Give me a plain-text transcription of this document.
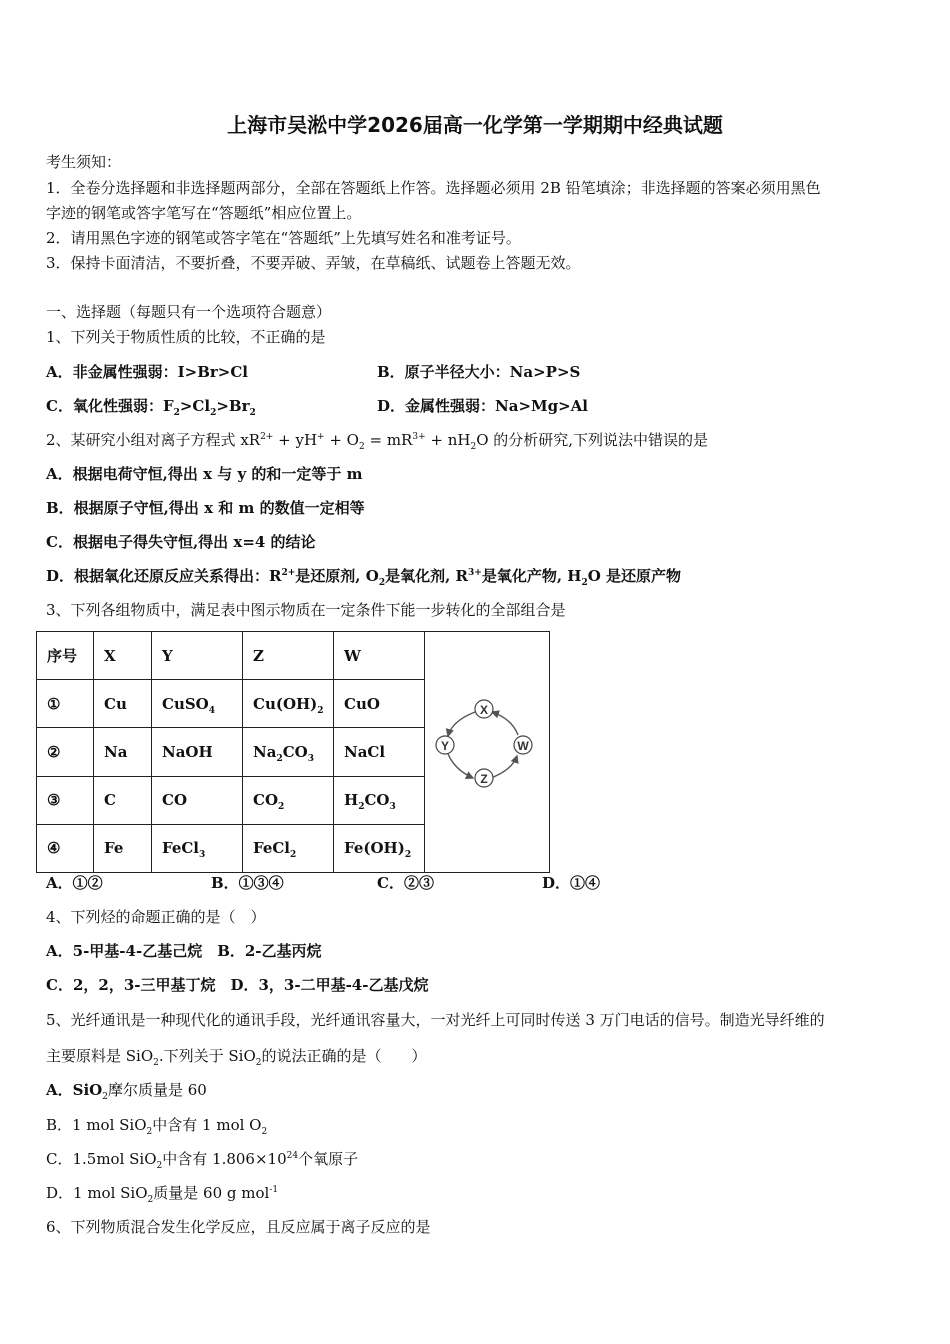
上海市吴淞中学2026届高一化学第一学期期中经典试题
考生须知：
1．全卷分选择题和非选择题两部分，全部在答题纸上作答。选择题必须用 2B 铅笔填涂；非选择题的答案必须用黑色
字迹的钢笔或答字笔写在“答题纸”相应位置上。
2．请用黑色字迹的钢笔或答字笔在“答题纸”上先填写姓名和准考证号。
3．保持卡面清洁，不要折叠，不要弄破、弄皱，在草稿纸、试题卷上答题无效。
一、选择题（每题只有一个选项符合题意）
1、下列关于物质性质的比较，不正确的是
A．非金属性强弱：I>Br>Cl	B．原子半径大小：Na>P>S
C．氧化性强弱：$F_2>Cl_2>Br_2$	D．金属性强弱：Na>Mg>Al
2、某研究小组对离子方程式 $xR^{2+} + yH^+ + O_2 = mR^{3+} + nH_2O$ 的分析研究,下列说法中错误的是
A．根据电荷守恒,得出 x 与 y 的和一定等于 m
B．根据原子守恒,得出 x 和 m 的数值一定相等
C．根据电子得失守恒,得出 x=4 的结论
D．根据氧化还原反应关系得出：$R^{2+}$是还原剂, $O_2$是氧化剂, $R^{3+}$是氧化产物, $H_2O$ 是还原产物
3、下列各组物质中，满足表中图示物质在一定条件下能一步转化的全部组合是
序号	X	Y	Z	W	X
Y W
Z

①	Cu	CuSO$_4$	$Cu(OH)_2$	CuO	
②	Na	NaOH	$Na_2CO_3$	NaCl	
③	C	CO	$CO_2$	$H_2CO_3$
④	Fe	FeCl$_3$	FeCl$_2$	$Fe(OH)_2$
A．①②	B．①③④	C．②③	D．①④
4、下列烃的命题正确的是（　）
A．5-甲基-4-乙基己烷　B．2-乙基丙烷
C．2，2，3-三甲基丁烷　D．3，3-二甲基-4-乙基戊烷
5、光纤通讯是一种现代化的通讯手段，光纤通讯容量大，一对光纤上可同时传送 3 万门电话的信号。制造光导纤维的
主要原料是 SiO$_2$.下列关于 SiO$_2$的说法正确的是（　　）
A．SiO$_2$摩尔质量是 60
B．1 mol SiO$_2$中含有 1 mol $O_2$
C．1.5mol SiO$_2$中含有 $1.806\times 10^{24}$个氧原子
D．1 mol SiO$_2$质量是 60 g mol$^{-1}$
6、下列物质混合发生化学反应，且反应属于离子反应的是
